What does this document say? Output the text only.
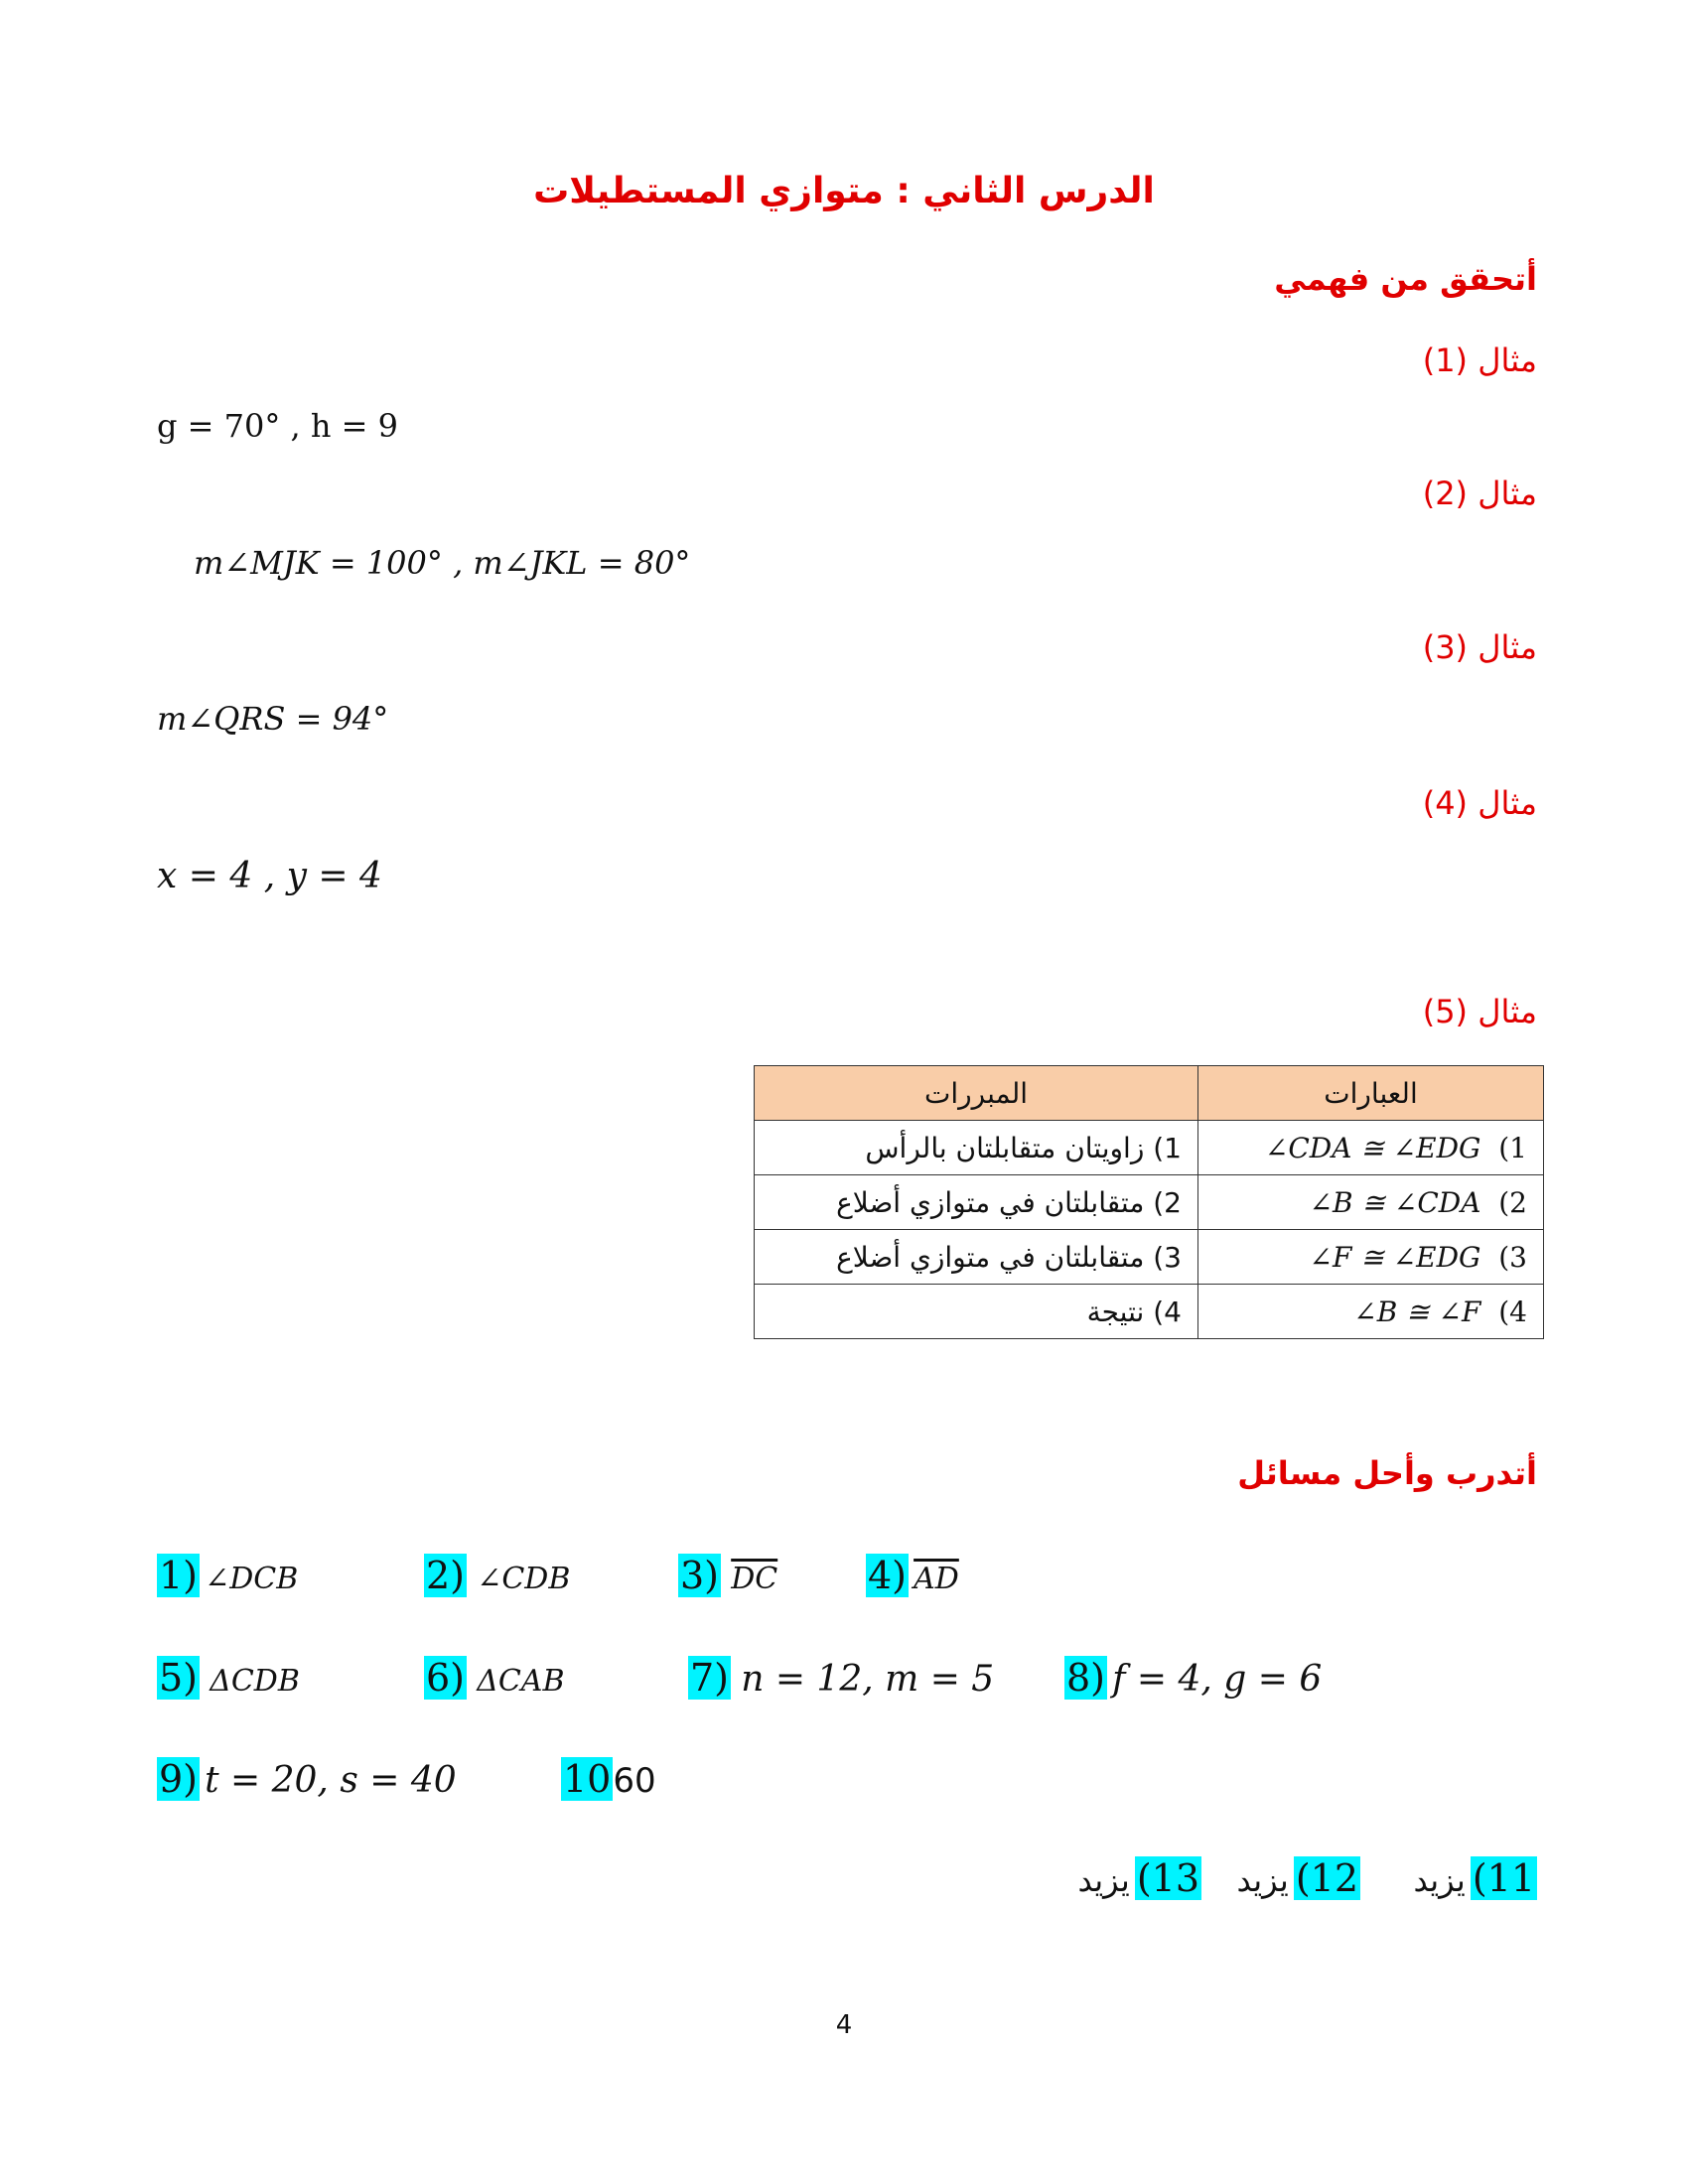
الدرس الثاني : متوازي المستطيلات
أتحقق من فهمي
مثال (1)
g = 70° , h = 9
مثال (2)
m∠MJK = 100° , m∠JKL = 80°
مثال (3)
m∠QRS = 94°
مثال (4)
x = 4 , y = 4
مثال (5)
العبارات	المبررات
1)  ∠CDA ≅ ∠EDG	1) زاويتان متقابلتان بالرأس
2)  ∠B ≅ ∠CDA	2) متقابلتان في متوازي أضلاع
3)  ∠F ≅ ∠EDG	3) متقابلتان في متوازي أضلاع
4)  ∠B ≅ ∠F	4) نتيجة
أتدرب وأحل مسائل
1) ∠DCB	2) ∠CDB	3) $\overline{DC}$ 4) $\overline{AD}$
5) ΔCDB	6) ΔCAB	7) n = 12, m = 5 8) f = 4, g = 6
9) t = 20, s = 40	1060
11) يزيد
12) يزيد
13) يزيد
4
